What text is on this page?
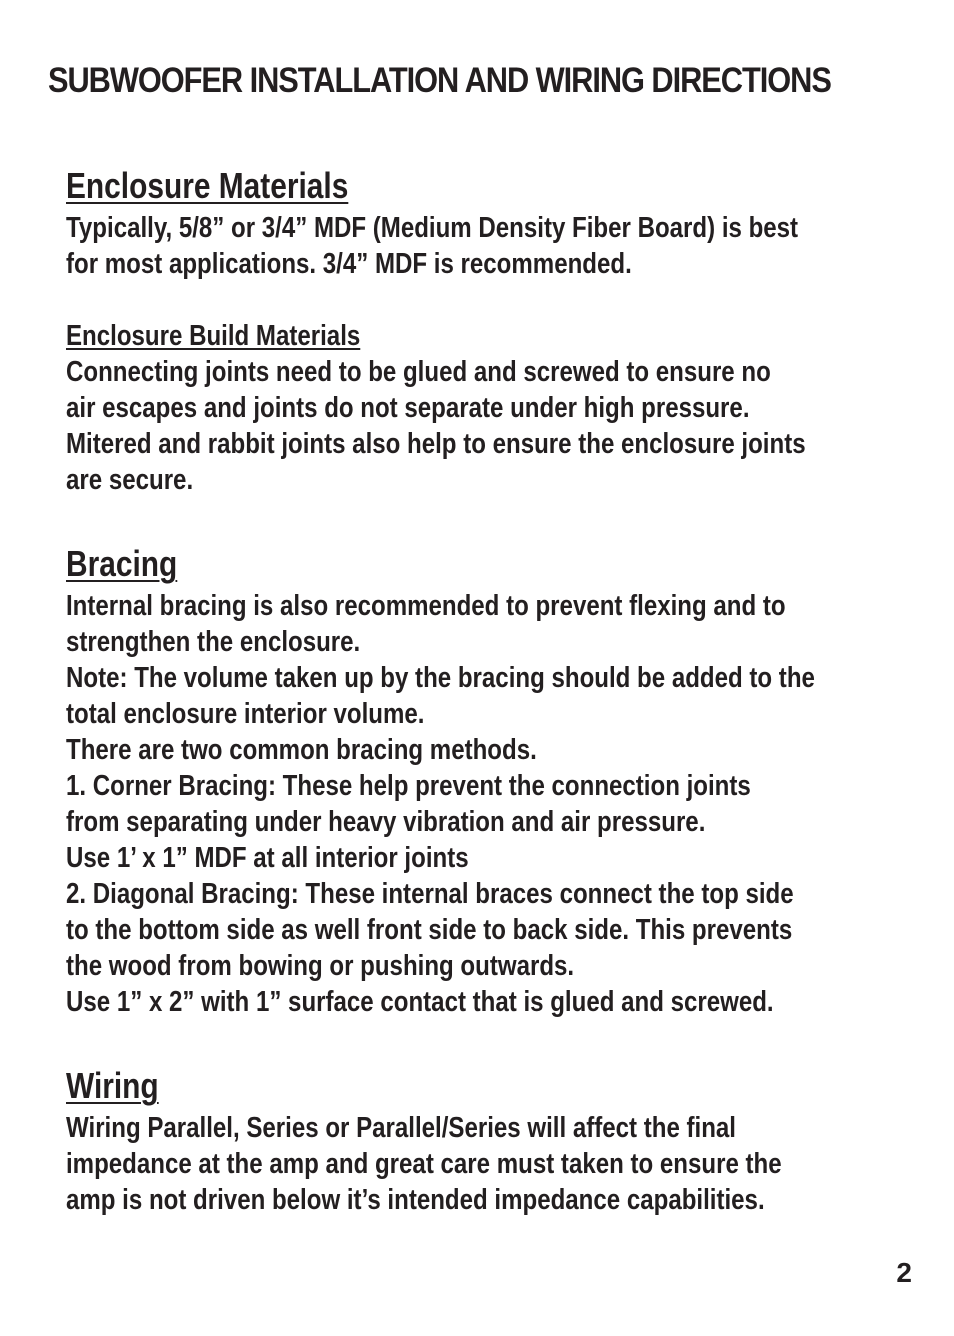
SUBWOOFER INSTALLATION AND WIRING DIRECTIONS
Enclosure Materials
Typically, 5/8” or 3/4” MDF (Medium Density Fiber Board) is best
for most applications. 3/4” MDF is recommended.
Enclosure Build Materials
Connecting joints need to be glued and screwed to ensure no
air escapes and joints do not separate under high pressure.
Mitered and rabbit joints also help to ensure the enclosure joints
are secure.
Bracing
Internal bracing is also recommended to prevent flexing and to
strengthen the enclosure.
Note: The volume taken up by the bracing should be added to the
total enclosure interior volume.
There are two common bracing methods.
1. Corner Bracing: These help prevent the connection joints
from separating under heavy vibration and air pressure.
Use 1’ x 1” MDF at all interior joints
2. Diagonal Bracing: These internal braces connect the top side
to the bottom side as well front side to back side. This prevents
the wood from bowing or pushing outwards.
Use 1” x 2” with 1” surface contact that is glued and screwed.
Wiring
Wiring Parallel, Series or Parallel/Series will affect the final
impedance at the amp and great care must taken to ensure the
amp is not driven below it’s intended impedance capabilities.
2
